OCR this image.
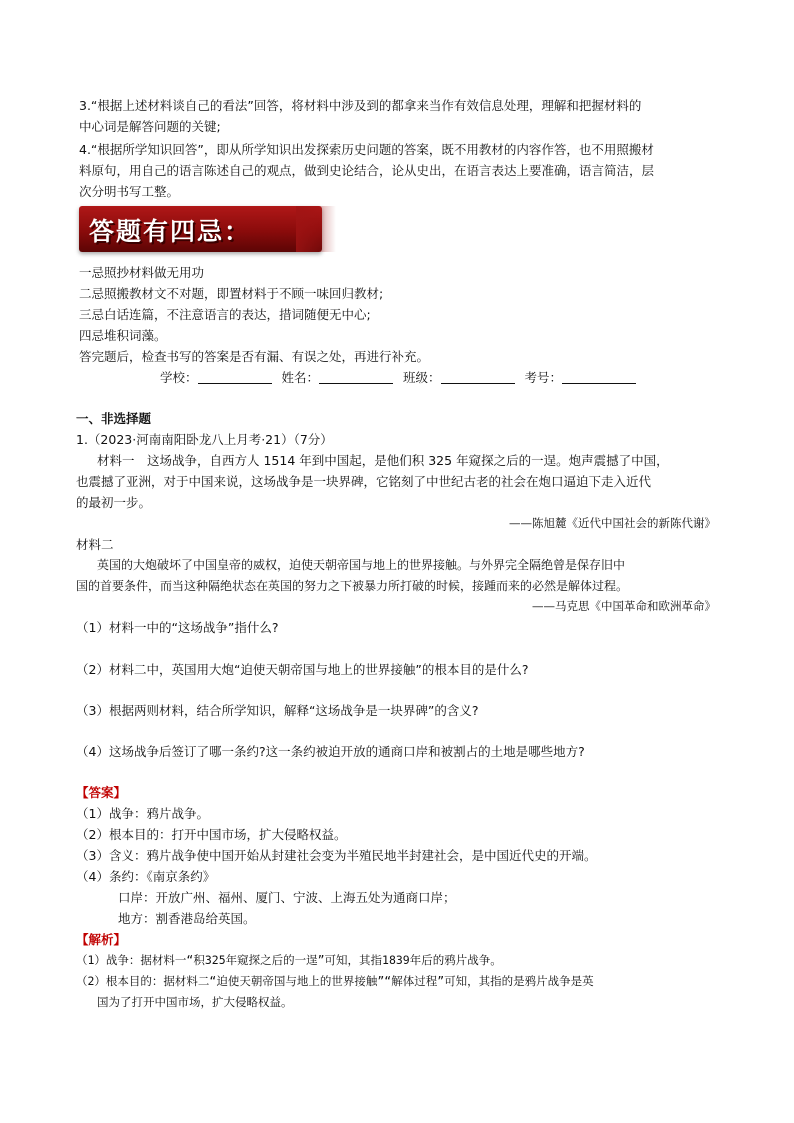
3.“根据上述材料谈自己的看法”回答，将材料中涉及到的都拿来当作有效信息处理，理解和把握材料的
中心词是解答问题的关键;
4.“根据所学知识回答”，即从所学知识出发探索历史问题的答案，既不用教材的内容作答，也不用照搬材
料原句，用自己的语言陈述自己的观点，做到史论结合，论从史出，在语言表达上要准确，语言简洁，层
次分明书写工整。
答题有四忌：
一忌照抄材料做无用功
二忌照搬教材文不对题，即置材料于不顾一味回归教材;
三忌白话连篇，不注意语言的表达，措词随便无中心;
四忌堆积词藻。
答完题后，检查书写的答案是否有漏、有误之处，再进行补充。
学校：	姓名：	班级：	考号：
一、非选择题
1.（2023·河南南阳卧龙八上月考·21）（7分）
材料一　这场战争，自西方人 1514 年到中国起，是他们积 325 年窥探之后的一逞。炮声震撼了中国，
也震撼了亚洲，对于中国来说，这场战争是一块界碑，它铭刻了中世纪古老的社会在炮口逼迫下走入近代
的最初一步。
——陈旭麓《近代中国社会的新陈代谢》
材料二
英国的大炮破坏了中国皇帝的威权，迫使天朝帝国与地上的世界接触。与外界完全隔绝曾是保存旧中
国的首要条件，而当这种隔绝状态在英国的努力之下被暴力所打破的时候，接踵而来的必然是解体过程。
——马克思《中国革命和欧洲革命》
（1）材料一中的“这场战争”指什么?
（2）材料二中，英国用大炮“迫使天朝帝国与地上的世界接触”的根本目的是什么?
（3）根据两则材料，结合所学知识，解释“这场战争是一块界碑”的含义?
（4）这场战争后签订了哪一条约?这一条约被迫开放的通商口岸和被割占的土地是哪些地方?
【答案】
（1）战争：鸦片战争。
（2）根本目的：打开中国市场，扩大侵略权益。
（3）含义：鸦片战争使中国开始从封建社会变为半殖民地半封建社会，是中国近代史的开端。
（4）条约：《南京条约》
口岸：开放广州、福州、厦门、宁波、上海五处为通商口岸；
地方：割香港岛给英国。
【解析】
（1）战争：据材料一“积325年窥探之后的一逞”可知，其指1839年后的鸦片战争。
（2）根本目的：据材料二“迫使天朝帝国与地上的世界接触”“解体过程”可知，其指的是鸦片战争是英
国为了打开中国市场，扩大侵略权益。
